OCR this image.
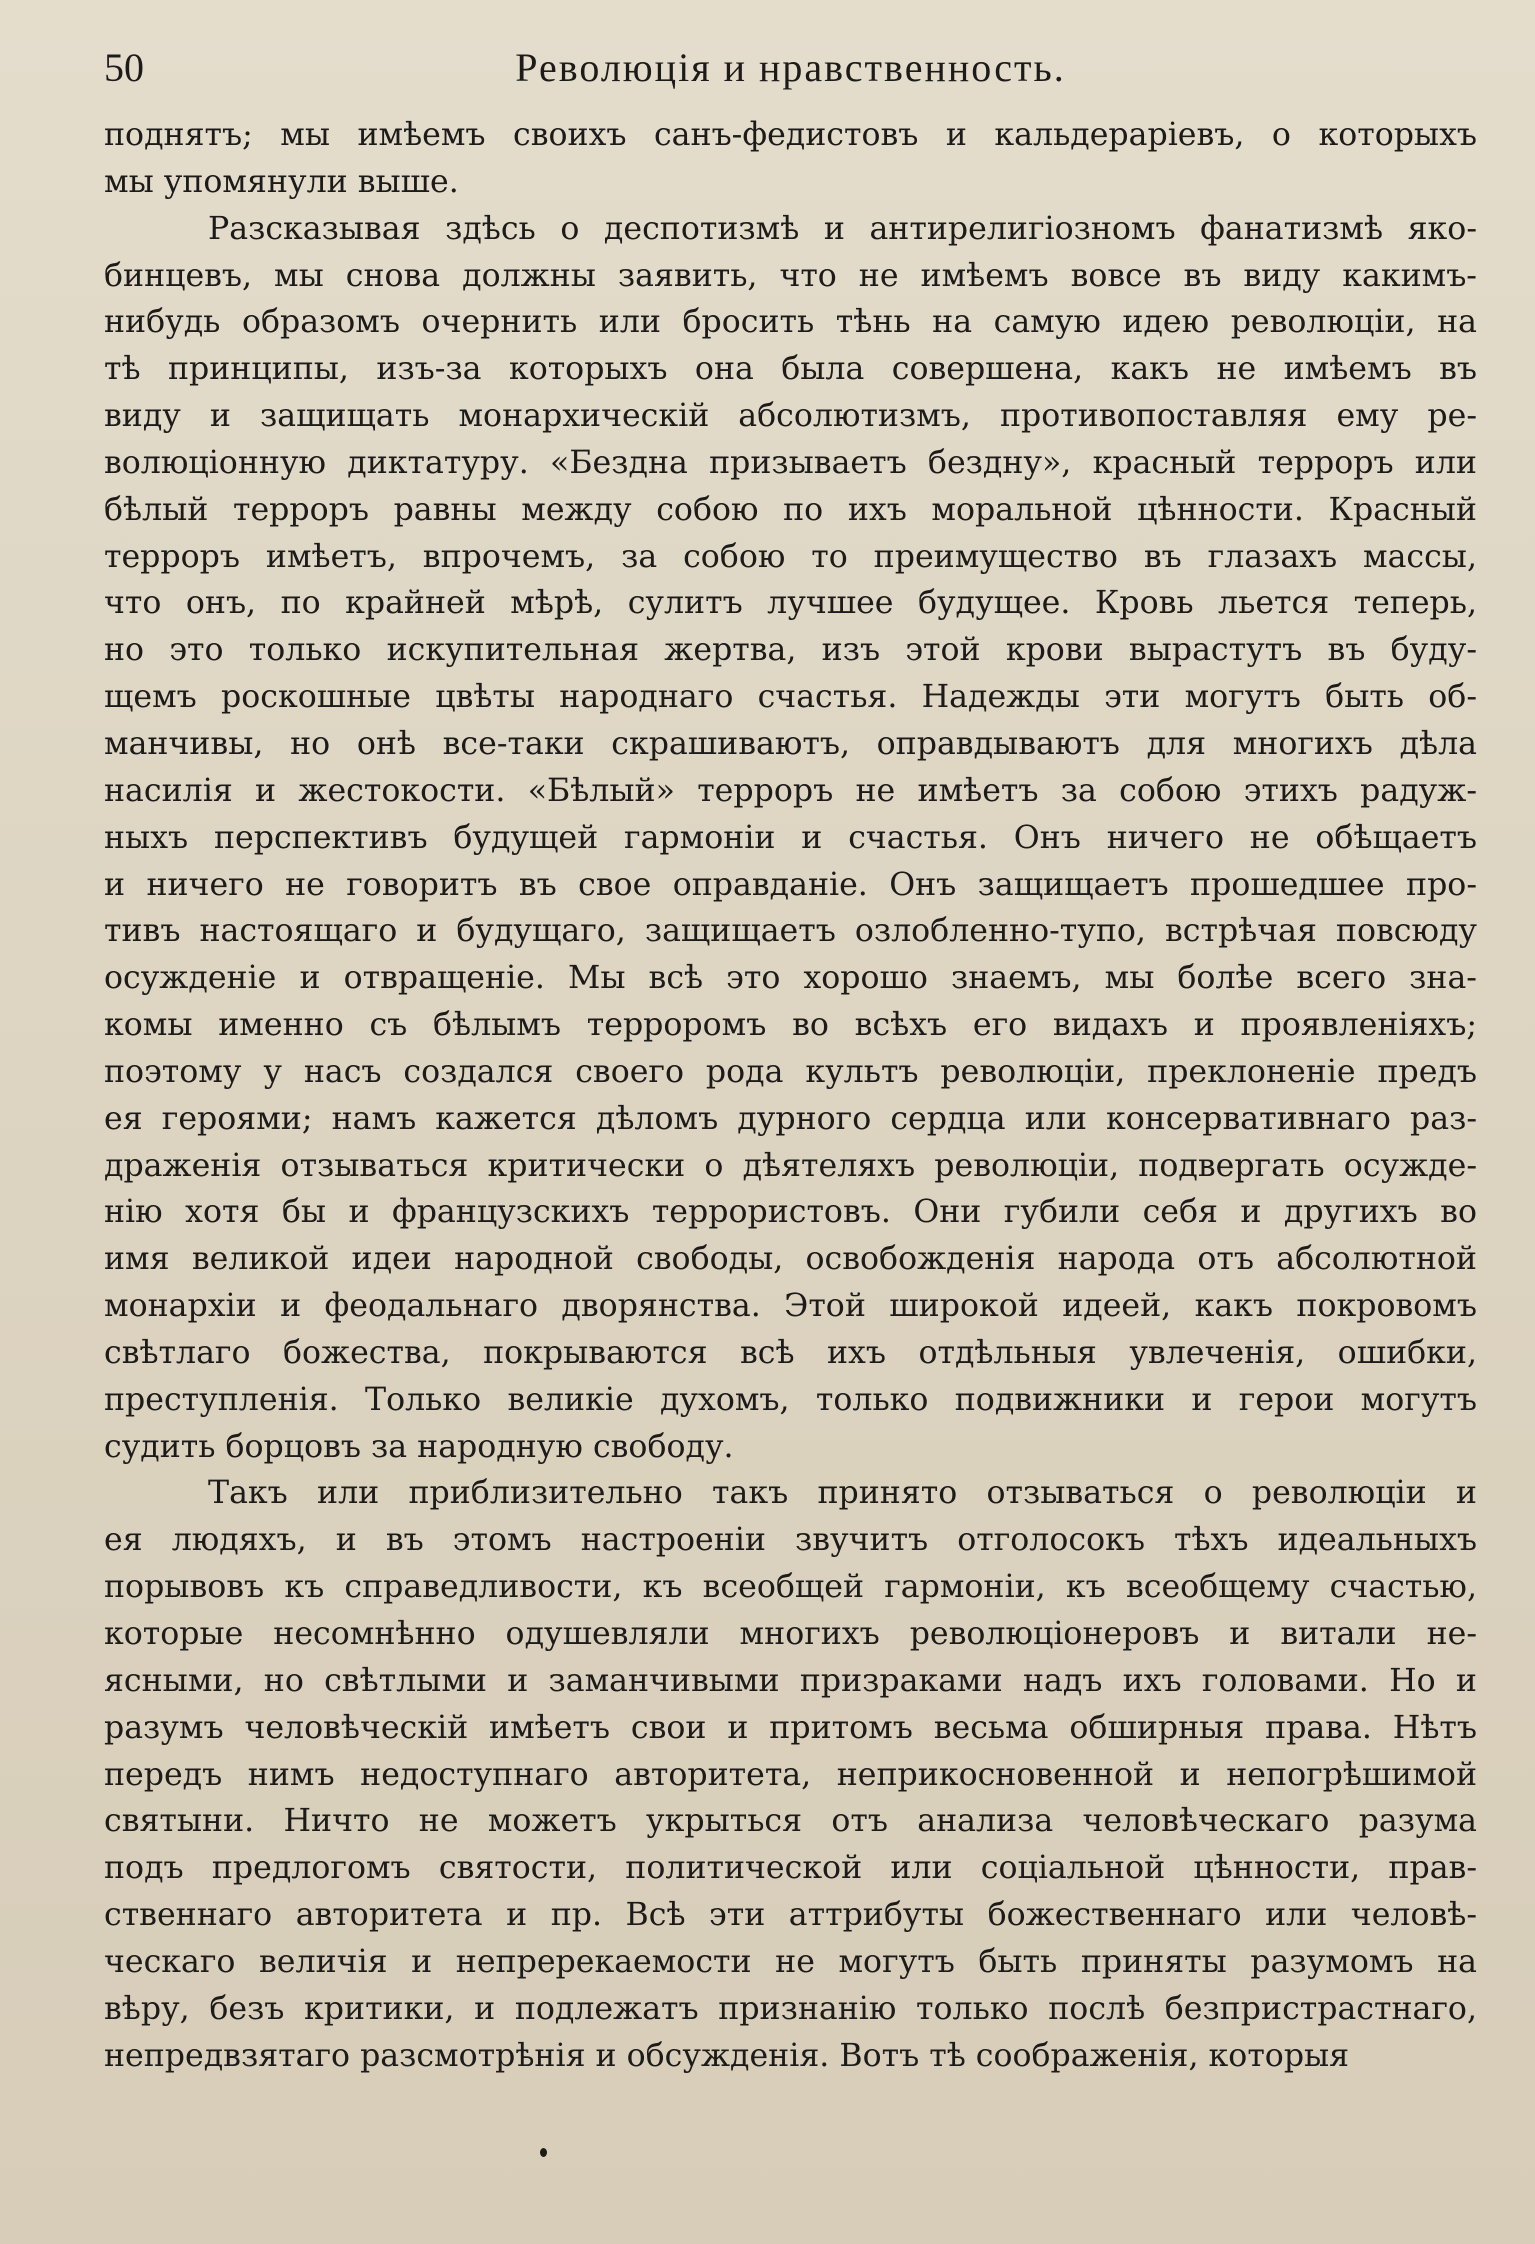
50	Революція и нравственность.
поднятъ; мы имѣемъ своихъ санъ-федистовъ и кальдераріевъ, о которыхъ
мы упомянули выше.
Разсказывая здѣсь о деспотизмѣ и антирелигіозномъ фанатизмѣ яко-
бинцевъ, мы снова должны заявить, что не имѣемъ вовсе въ виду какимъ-
нибудь образомъ очернить или бросить тѣнь на самую идею революціи, на
тѣ принципы, изъ-за которыхъ она была совершена, какъ не имѣемъ въ
виду и защищать монархическій абсолютизмъ, противопоставляя ему ре-
волюціонную диктатуру. «Бездна призываетъ бездну», красный терроръ или
бѣлый терроръ равны между собою по ихъ моральной цѣнности. Красный
терроръ имѣетъ, впрочемъ, за собою то преимущество въ глазахъ массы,
что онъ, по крайней мѣрѣ, сулитъ лучшее будущее. Кровь льется теперь,
но это только искупительная жертва, изъ этой крови вырастутъ въ буду-
щемъ роскошные цвѣты народнаго счастья. Надежды эти могутъ быть об-
манчивы, но онѣ все-таки скрашиваютъ, оправдываютъ для многихъ дѣла
насилія и жестокости. «Бѣлый» терроръ не имѣетъ за собою этихъ радуж-
ныхъ перспективъ будущей гармоніи и счастья. Онъ ничего не обѣщаетъ
и ничего не говоритъ въ свое оправданіе. Онъ защищаетъ прошедшее про-
тивъ настоящаго и будущаго, защищаетъ озлобленно-тупо, встрѣчая повсюду
осужденіе и отвращеніе. Мы всѣ это хорошо знаемъ, мы болѣе всего зна-
комы именно съ бѣлымъ терроромъ во всѣхъ его видахъ и проявленіяхъ;
поэтому у насъ создался своего рода культъ революціи, преклоненіе предъ
ея героями; намъ кажется дѣломъ дурного сердца или консервативнаго раз-
драженія отзываться критически о дѣятеляхъ революціи, подвергать осужде-
нію хотя бы и французскихъ террористовъ. Они губили себя и другихъ во
имя великой идеи народной свободы, освобожденія народа отъ абсолютной
монархіи и феодальнаго дворянства. Этой широкой идеей, какъ покровомъ
свѣтлаго божества, покрываются всѣ ихъ отдѣльныя увлеченія, ошибки,
преступленія. Только великіе духомъ, только подвижники и герои могутъ
судить борцовъ за народную свободу.
Такъ или приблизительно такъ принято отзываться о революціи и
ея людяхъ, и въ этомъ настроеніи звучитъ отголосокъ тѣхъ идеальныхъ
порывовъ къ справедливости, къ всеобщей гармоніи, къ всеобщему счастью,
которые несомнѣнно одушевляли многихъ революціонеровъ и витали не-
ясными, но свѣтлыми и заманчивыми призраками надъ ихъ головами. Но и
разумъ человѣческій имѣетъ свои и притомъ весьма обширныя права. Нѣтъ
передъ нимъ недоступнаго авторитета, неприкосновенной и непогрѣшимой
святыни. Ничто не можетъ укрыться отъ анализа человѣческаго разума
подъ предлогомъ святости, политической или соціальной цѣнности, прав-
ственнаго авторитета и пр. Всѣ эти аттрибуты божественнаго или человѣ-
ческаго величія и непререкаемости не могутъ быть приняты разумомъ на
вѣру, безъ критики, и подлежатъ признанію только послѣ безпристрастнаго,
непредвзятаго разсмотрѣнія и обсужденія. Вотъ тѣ соображенія, которыя
